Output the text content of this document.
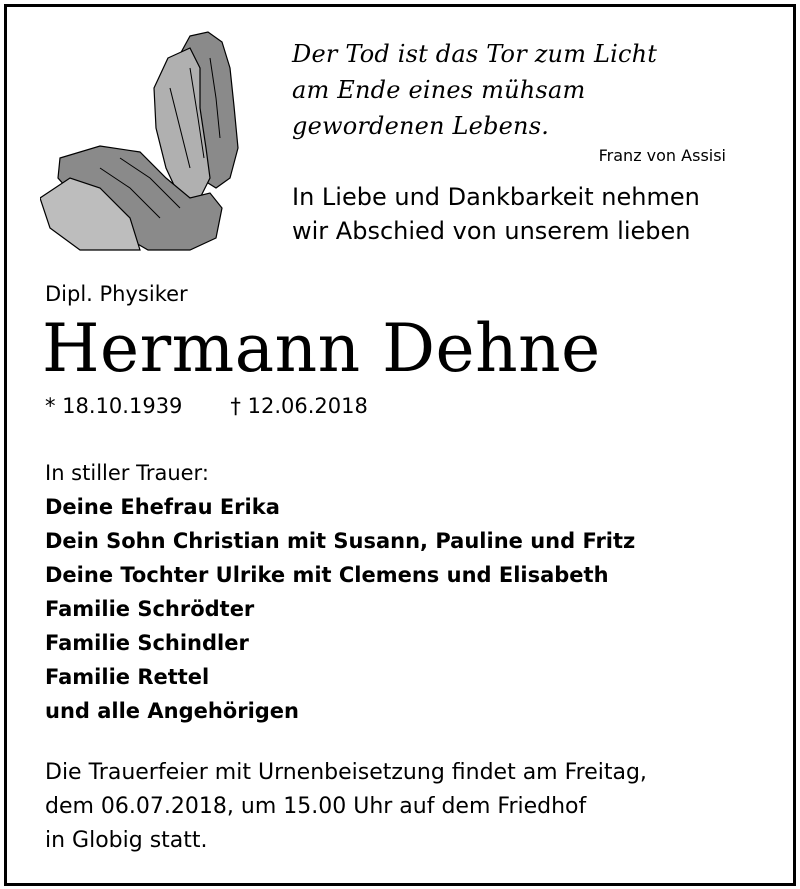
Der Tod ist das Tor zum Licht
am Ende eines mühsam
gewordenen Lebens.
Franz von Assisi
In Liebe und Dankbarkeit nehmen
wir Abschied von unserem lieben
Dipl. Physiker
Hermann Dehne
* 18.10.1939 † 12.06.2018
In stiller Trauer:
Deine Ehefrau Erika
Dein Sohn Christian mit Susann, Pauline und Fritz
Deine Tochter Ulrike mit Clemens und Elisabeth
Familie Schrödter
Familie Schindler
Familie Rettel
und alle Angehörigen
Die Trauerfeier mit Urnenbeisetzung findet am Freitag,
dem 06.07.2018, um 15.00 Uhr auf dem Friedhof
in Globig statt.
